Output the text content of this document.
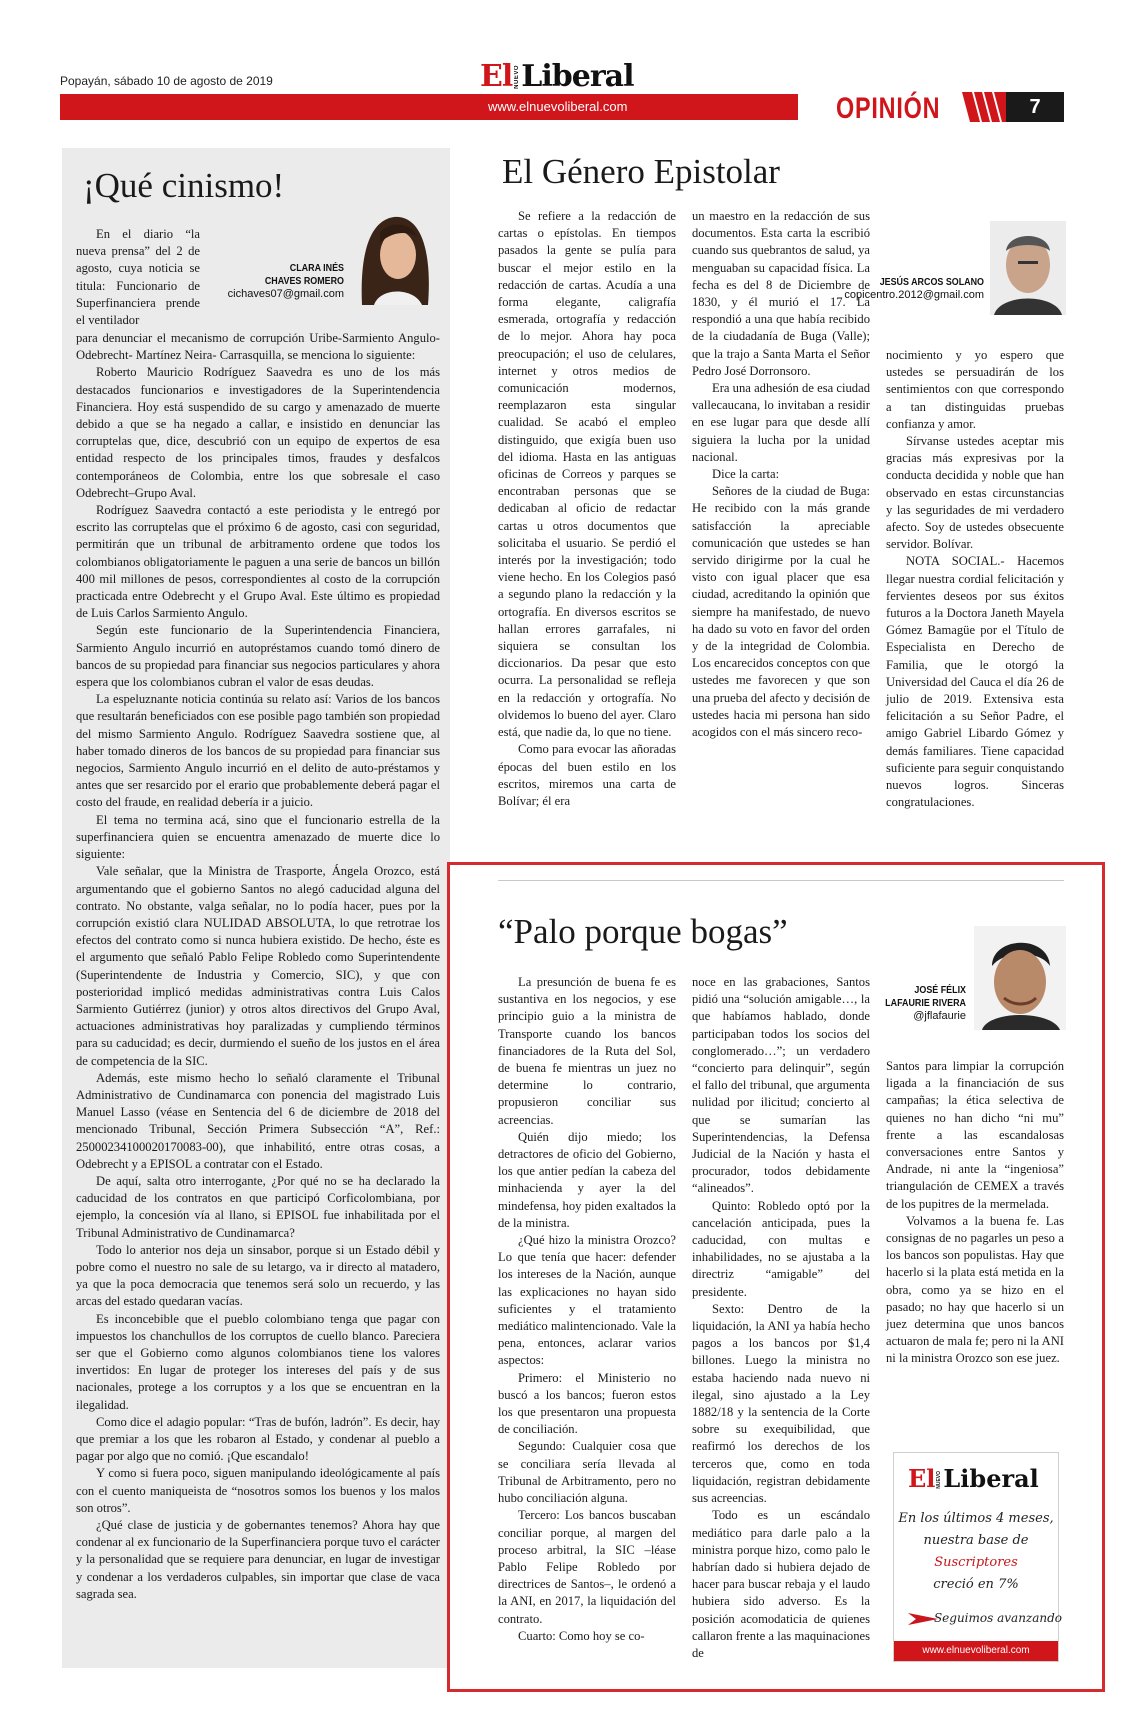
Popayán, sábado 10 de agosto de 2019	El NUEVO Liberal
www.elnuevoliberal.com	OPINIÓN	7
¡Qué cinismo!
CLARA INÉS
CHAVES ROMERO
cichaves07@gmail.com

En el diario “la nueva prensa” del 2 de agosto, cuya noticia se titula: Funcionario de Superfinanciera prende el ventilador

para denunciar el mecanismo de corrupción Uribe-Sarmiento Angulo-Odebrecht- Martínez Neira- Carrasquilla, se menciona lo siguiente:

Roberto Mauricio Rodríguez Saavedra es uno de los más destacados funcionarios e investigadores de la Superintendencia Financiera. Hoy está suspendido de su cargo y amenazado de muerte debido a que se ha negado a callar, e insistido en denunciar las corruptelas que, dice, descubrió con un equipo de expertos de esa entidad respecto de los principales timos, fraudes y desfalcos contemporáneos de Colombia, entre los que sobresale el caso Odebrecht–Grupo Aval.

Rodríguez Saavedra contactó a este periodista y le entregó por escrito las corruptelas que el próximo 6 de agosto, casi con seguridad, permitirán que un tribunal de arbitramento ordene que todos los colombianos obligatoriamente le paguen a una serie de bancos un billón 400 mil millones de pesos, correspondientes al costo de la corrupción practicada entre Odebrecht y el Grupo Aval. Este último es propiedad de Luis Carlos Sarmiento Angulo.

Según este funcionario de la Superintendencia Financiera, Sarmiento Angulo incurrió en autopréstamos cuando tomó dinero de bancos de su propiedad para financiar sus negocios particulares y ahora espera que los colombianos cubran el valor de esas deudas.

La espeluznante noticia continúa su relato así: Varios de los bancos que resultarán beneficiados con ese posible pago también son propiedad del mismo Sarmiento Angulo. Rodríguez Saavedra sostiene que, al haber tomado dineros de los bancos de su propiedad para financiar sus negocios, Sarmiento Angulo incurrió en el delito de auto-préstamos y antes que ser resarcido por el erario que probablemente deberá pagar el costo del fraude, en realidad debería ir a juicio.

El tema no termina acá, sino que el funcionario estrella de la superfinanciera quien se encuentra amenazado de muerte dice lo siguiente:

Vale señalar, que la Ministra de Trasporte, Ángela Orozco, está argumentando que el gobierno Santos no alegó caducidad alguna del contrato. No obstante, valga señalar, no lo podía hacer, pues por la corrupción existió clara NULIDAD ABSOLUTA, lo que retrotrae los efectos del contrato como si nunca hubiera existido. De hecho, éste es el argumento que señaló Pablo Felipe Robledo como Superintendente (Superintendente de Industria y Comercio, SIC), y que con posterioridad implicó medidas administrativas contra Luis Calos Sarmiento Gutiérrez (junior) y otros altos directivos del Grupo Aval, actuaciones administrativas hoy paralizadas y cumpliendo términos para su caducidad; es decir, durmiendo el sueño de los justos en el área de competencia de la SIC.

Además, este mismo hecho lo señaló claramente el Tribunal Administrativo de Cundinamarca con ponencia del magistrado Luis Manuel Lasso (véase en Sentencia del 6 de diciembre de 2018 del mencionado Tribunal, Sección Primera Subsección “A”, Ref.: 25000234100020170083-00), que inhabilitó, entre otras cosas, a Odebrecht y a EPISOL a contratar con el Estado.

De aquí, salta otro interrogante, ¿Por qué no se ha declarado la caducidad de los contratos en que participó Corficolombiana, por ejemplo, la concesión vía al llano, si EPISOL fue inhabilitada por el Tribunal Administrativo de Cundinamarca?

Todo lo anterior nos deja un sinsabor, porque si un Estado débil y pobre como el nuestro no sale de su letargo, va ir directo al matadero, ya que la poca democracia que tenemos será solo un recuerdo, y las arcas del estado quedaran vacías.

Es inconcebible que el pueblo colombiano tenga que pagar con impuestos los chanchullos de los corruptos de cuello blanco. Pareciera ser que el Gobierno como algunos colombianos tiene los valores invertidos: En lugar de proteger los intereses del país y de sus nacionales, protege a los corruptos y a los que se encuentran en la ilegalidad.

Como dice el adagio popular: “Tras de bufón, ladrón”. Es decir, hay que premiar a los que les robaron al Estado, y condenar al pueblo a pagar por algo que no comió. ¡Que escandalo!

Y como si fuera poco, siguen manipulando ideológicamente al país con el cuento maniqueista de “nosotros somos los buenos y los malos son otros”.

¿Qué clase de justicia y de gobernantes tenemos? Ahora hay que condenar al ex funcionario de la Superfinanciera porque tuvo el carácter y la personalidad que se requiere para denunciar, en lugar de investigar y condenar a los verdaderos culpables, sin importar que clase de vaca sagrada sea.

El Género Epistolar
JESÚS ARCOS SOLANO
copicentro.2012@gmail.com

Se refiere a la redacción de cartas o epístolas. En tiempos pasados la gente se pulía para buscar el mejor estilo en la redacción de cartas. Acudía a una forma elegante, caligrafía esmerada, ortografía y redacción de lo mejor. Ahora hay poca preocupación; el uso de celulares, internet y otros medios de comunicación modernos, reemplazaron esta singular cualidad. Se acabó el empleo distinguido, que exigía buen uso del idioma. Hasta en las antiguas oficinas de Correos y parques se encontraban personas que se dedicaban al oficio de redactar cartas u otros documentos que solicitaba el usuario. Se perdió el interés por la investigación; todo viene hecho. En los Colegios pasó a segundo plano la redacción y la ortografía. En diversos escritos se hallan errores garrafales, ni siquiera se consultan los diccionarios. Da pesar que esto ocurra. La personalidad se refleja en la redacción y ortografía. No olvidemos lo bueno del ayer. Claro está, que nadie da, lo que no tiene.

Como para evocar las añoradas épocas del buen estilo en los escritos, miremos una carta de Bolívar; él era

un maestro en la redacción de sus documentos. Esta carta la escribió cuando sus quebrantos de salud, ya menguaban su capacidad física. La fecha es del 8 de Diciembre de 1830, y él murió el 17. La respondió a una que había recibido de la ciudadanía de Buga (Valle); que la trajo a Santa Marta el Señor Pedro José Dorronsoro.

Era una adhesión de esa ciudad vallecaucana, lo invitaban a residir en ese lugar para que desde allí siguiera la lucha por la unidad nacional.

Dice la carta:

Señores de la ciudad de Buga: He recibido con la más grande satisfacción la apreciable comunicación que ustedes se han servido dirigirme por la cual he visto con igual placer que esa ciudad, acreditando la opinión que siempre ha manifestado, de nuevo ha dado su voto en favor del orden y de la integridad de Colombia. Los encarecidos conceptos con que ustedes me favorecen y que son una prueba del afecto y decisión de ustedes hacia mi persona han sido acogidos con el más sincero reco-

nocimiento y yo espero que ustedes se persuadirán de los sentimientos con que correspondo a tan distinguidas pruebas confianza y amor.

Sírvanse ustedes aceptar mis gracias más expresivas por la conducta decidida y noble que han observado en estas circunstancias y las seguridades de mi verdadero afecto. Soy de ustedes obsecuente servidor. Bolívar.

NOTA SOCIAL.- Hacemos llegar nuestra cordial felicitación y fervientes deseos por sus éxitos futuros a la Doctora Janeth Mayela Gómez Bamagüe por el Título de Especialista en Derecho de Familia, que le otorgó la Universidad del Cauca el día 26 de julio de 2019. Extensiva esta felicitación a su Señor Padre, el amigo Gabriel Libardo Gómez y demás familiares. Tiene capacidad suficiente para seguir conquistando nuevos logros. Sinceras congratulaciones.

“Palo porque bogas”
JOSÉ FÉLIX
LAFAURIE RIVERA
@jflafaurie

La presunción de buena fe es sustantiva en los negocios, y ese principio guio a la ministra de Transporte cuando los bancos financiadores de la Ruta del Sol, de buena fe mientras un juez no determine lo contrario, propusieron conciliar sus acreencias.

Quién dijo miedo; los detractores de oficio del Gobierno, los que antier pedían la cabeza del minhacienda y ayer la del mindefensa, hoy piden exaltados la de la ministra.

¿Qué hizo la ministra Orozco? Lo que tenía que hacer: defender los intereses de la Nación, aunque las explicaciones no hayan sido suficientes y el tratamiento mediático malintencionado. Vale la pena, entonces, aclarar varios aspectos:

Primero: el Ministerio no buscó a los bancos; fueron estos los que presentaron una propuesta de conciliación.

Segundo: Cualquier cosa que se conciliara sería llevada al Tribunal de Arbitramento, pero no hubo conciliación alguna.

Tercero: Los bancos buscaban conciliar porque, al margen del proceso arbitral, la SIC –léase Pablo Felipe Robledo por directrices de Santos–, le ordenó a la ANI, en 2017, la liquidación del contrato.

Cuarto: Como hoy se co-

noce en las grabaciones, Santos pidió una “solución amigable…, la que habíamos hablado, donde participaban todos los socios del conglomerado…”; un verdadero “concierto para delinquir”, según el fallo del tribunal, que argumenta nulidad por ilicitud; concierto al que se sumarían las Superintendencias, la Defensa Judicial de la Nación y hasta el procurador, todos debidamente “alineados”.

Quinto: Robledo optó por la cancelación anticipada, pues la caducidad, con multas e inhabilidades, no se ajustaba a la directriz “amigable” del presidente.

Sexto: Dentro de la liquidación, la ANI ya había hecho pagos a los bancos por $1,4 billones. Luego la ministra no estaba haciendo nada nuevo ni ilegal, sino ajustado a la Ley 1882/18 y la sentencia de la Corte sobre su exequibilidad, que reafirmó los derechos de los terceros que, como en toda liquidación, registran debidamente sus acreencias.

Todo es un escándalo mediático para darle palo a la ministra porque hizo, como palo le habrían dado si hubiera dejado de hacer para buscar rebaja y el laudo hubiera sido adverso. Es la posición acomodaticia de quienes callaron frente a las maquinaciones de

Santos para limpiar la corrupción ligada a la financiación de sus campañas; la ética selectiva de quienes no han dicho “ni mu” frente a las escandalosas conversaciones entre Santos y Andrade, ni ante la “ingeniosa” triangulación de CEMEX a través de los pupitres de la mermelada.

Volvamos a la buena fe. Las consignas de no pagarles un peso a los bancos son populistas. Hay que hacerlo si la plata está metida en la obra, como ya se hizo en el pasado; no hay que hacerlo si un juez determina que unos bancos actuaron de mala fe; pero ni la ANI ni la ministra Orozco son ese juez.

El NUEVO Liberal
En los últimos 4 meses,
nuestra base de
Suscriptores
creció en 7%
Seguimos avanzando
www.elnuevoliberal.com
